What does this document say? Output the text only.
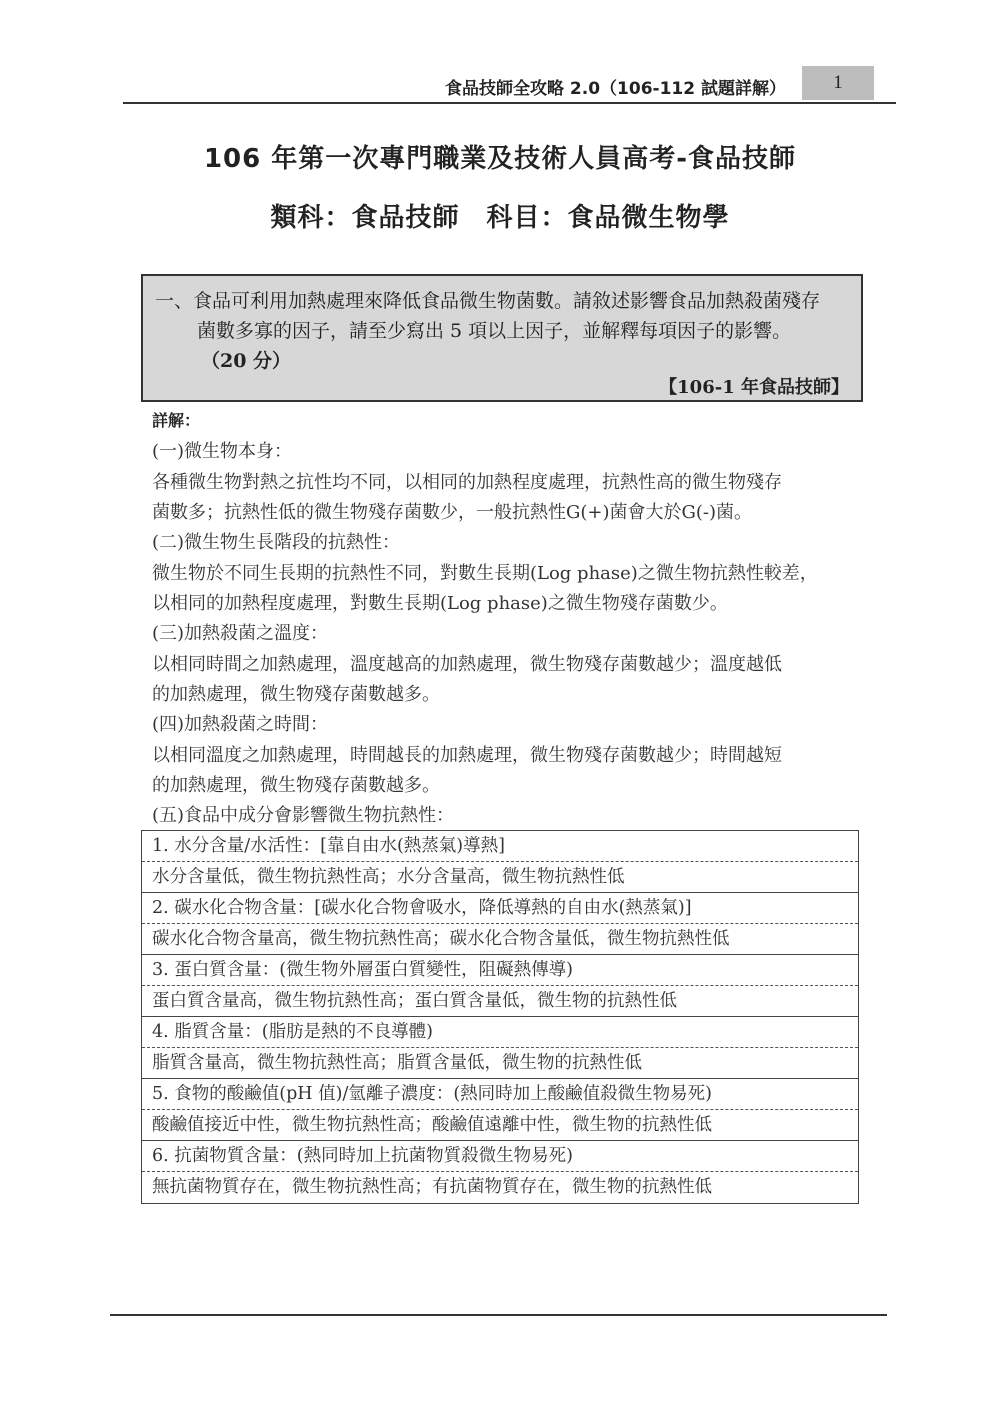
食品技師全攻略 2.0（106-112 試題詳解）	1
106 年第一次專門職業及技術人員高考-食品技師
類科：食品技師　科目：食品微生物學
一、食品可利用加熱處理來降低食品微生物菌數。請敘述影響食品加熱殺菌殘存
菌數多寡的因子，請至少寫出 5 項以上因子，並解釋每項因子的影響。
（20 分）
【106-1 年食品技師】
詳解：
(一)微生物本身：
各種微生物對熱之抗性均不同，以相同的加熱程度處理，抗熱性高的微生物殘存
菌數多；抗熱性低的微生物殘存菌數少，一般抗熱性G(+)菌會大於G(-)菌。
(二)微生物生長階段的抗熱性：
微生物於不同生長期的抗熱性不同，對數生長期(Log phase)之微生物抗熱性較差，
以相同的加熱程度處理，對數生長期(Log phase)之微生物殘存菌數少。
(三)加熱殺菌之溫度：
以相同時間之加熱處理，溫度越高的加熱處理，微生物殘存菌數越少；溫度越低
的加熱處理，微生物殘存菌數越多。
(四)加熱殺菌之時間：
以相同溫度之加熱處理，時間越長的加熱處理，微生物殘存菌數越少；時間越短
的加熱處理，微生物殘存菌數越多。
(五)食品中成分會影響微生物抗熱性：
1. 水分含量/水活性：[靠自由水(熱蒸氣)導熱]
水分含量低，微生物抗熱性高；水分含量高，微生物抗熱性低
2. 碳水化合物含量：[碳水化合物會吸水，降低導熱的自由水(熱蒸氣)]
碳水化合物含量高，微生物抗熱性高；碳水化合物含量低，微生物抗熱性低
3. 蛋白質含量：(微生物外層蛋白質變性，阻礙熱傳導)
蛋白質含量高，微生物抗熱性高；蛋白質含量低，微生物的抗熱性低
4. 脂質含量：(脂肪是熱的不良導體)
脂質含量高，微生物抗熱性高；脂質含量低，微生物的抗熱性低
5. 食物的酸鹼值(pH 值)/氫離子濃度：(熱同時加上酸鹼值殺微生物易死)
酸鹼值接近中性，微生物抗熱性高；酸鹼值遠離中性，微生物的抗熱性低
6. 抗菌物質含量：(熱同時加上抗菌物質殺微生物易死)
無抗菌物質存在，微生物抗熱性高；有抗菌物質存在，微生物的抗熱性低
